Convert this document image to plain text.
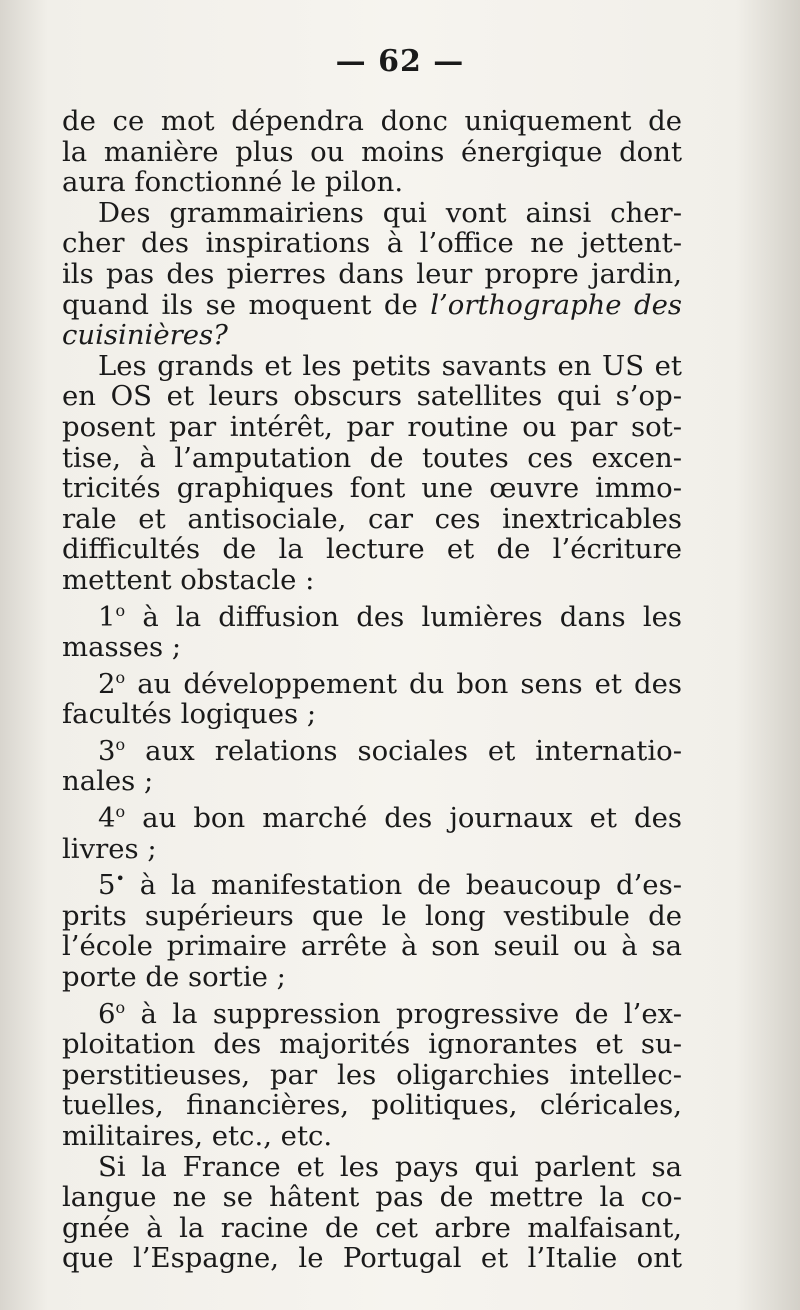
— 62 —
de ce mot dépendra donc uniquement de
la manière plus ou moins énergique dont
aura fonctionné le pilon.
Des grammairiens qui vont ainsi cher-
cher des inspirations à l’office ne jettent-
ils pas des pierres dans leur propre jardin,
quand ils se moquent de l’orthographe des
cuisinières?
Les grands et les petits savants en US et
en OS et leurs obscurs satellites qui s’op-
posent par intérêt, par routine ou par sot-
tise, à l’amputation de toutes ces excen-
tricités graphiques font une œuvre immo-
rale et antisociale, car ces inextricables
difficultés de la lecture et de l’écriture
mettent obstacle :
1$^o$ à la diffusion des lumières dans les
masses ;
2$^o$ au développement du bon sens et des
facultés logiques ;
3$^o$ aux relations sociales et internatio-
nales ;
4$^o$ au bon marché des journaux et des
livres ;
5• à la manifestation de beaucoup d’es-
prits supérieurs que le long vestibule de
l’école primaire arrête à son seuil ou à sa
porte de sortie ;
6$^o$ à la suppression progressive de l’ex-
ploitation des majorités ignorantes et su-
perstitieuses, par les oligarchies intellec-
tuelles, financières, politiques, cléricales,
militaires, etc., etc.
Si la France et les pays qui parlent sa
langue ne se hâtent pas de mettre la co-
gnée à la racine de cet arbre malfaisant,
que l’Espagne, le Portugal et l’Italie ont
